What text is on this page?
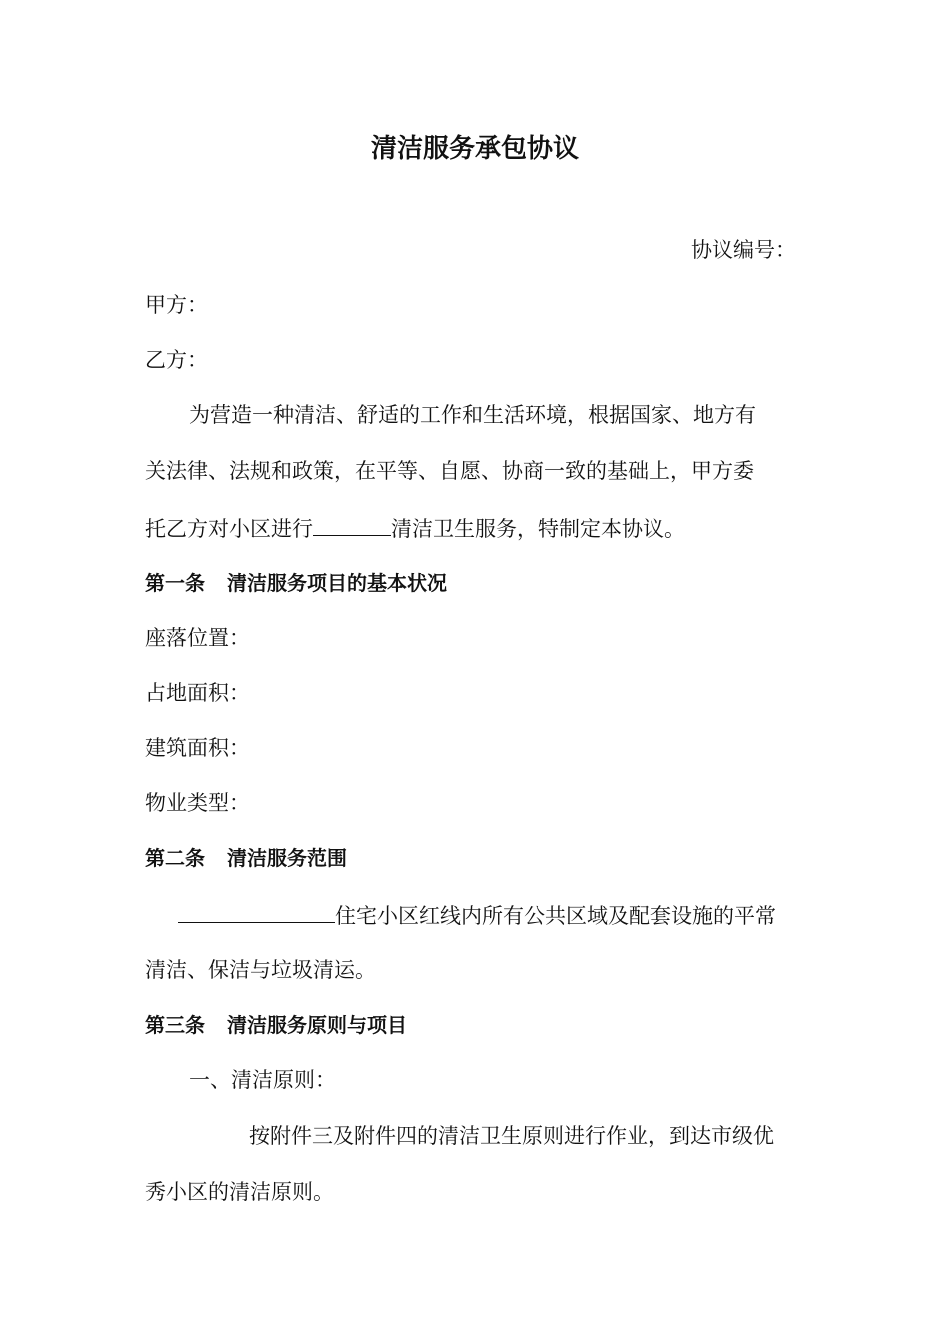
清洁服务承包协议
协议编号：
甲方：
乙方：
为营造一种清洁、舒适的工作和生活环境，根据国家、地方有
关法律、法规和政策，在平等、自愿、协商一致的基础上，甲方委
托乙方对小区进行	清洁卫生服务，特制定本协议。
第一条 清洁服务项目的基本状况
座落位置：
占地面积：
建筑面积：
物业类型：
第二条 清洁服务范围
住宅小区红线内所有公共区域及配套设施的平常
清洁、保洁与垃圾清运。
第三条 清洁服务原则与项目
一、清洁原则：
按附件三及附件四的清洁卫生原则进行作业，到达市级优
秀小区的清洁原则。
